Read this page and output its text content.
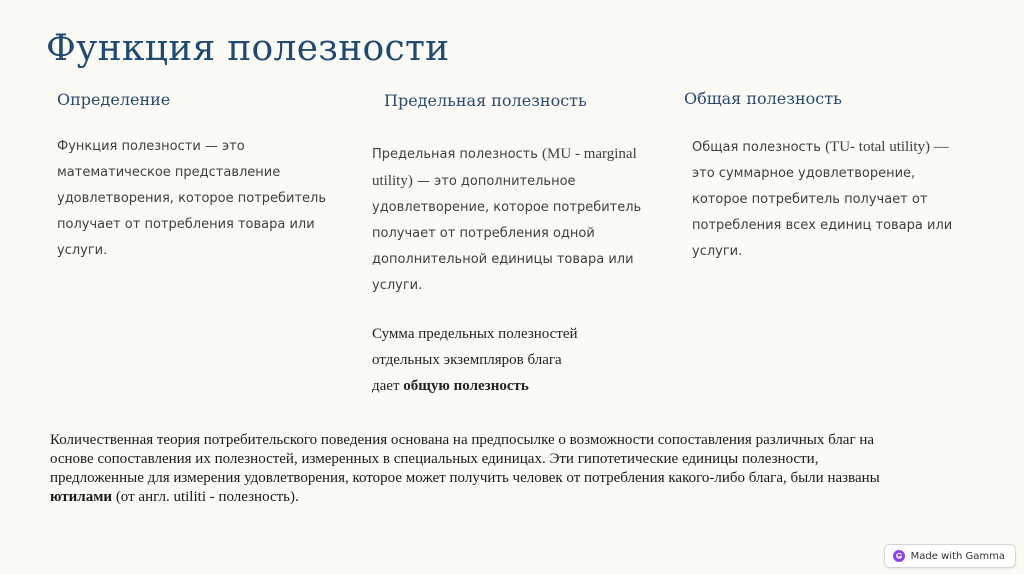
Функция полезности
Определение

Функция полезности — это математическое представление удовлетворения, которое потребитель получает от потребления товара или услуги.

Предельная полезность

Предельная полезность (MU - marginal utility) — это дополнительное удовлетворение, которое потребитель получает от потребления одной дополнительной единицы товара или услуги.

Сумма предельных полезностей
отдельных экземпляров блага
дает общую полезность

Общая полезность

Общая полезность (TU- total utility) — это суммарное удовлетворение, которое потребитель получает от потребления всех единиц товара или услуги.

Количественная теория потребительского поведения основана на предпосылке о возможности сопоставления различных благ на основе сопоставления их полезностей, измеренных в специальных единицах. Эти гипотетические единицы полезности, предложенные для измерения удовлетворения, которое может получить человек от потребления какого-либо блага, были названы ютилами (от англ. utiliti - полезность).

Made with Gamma
